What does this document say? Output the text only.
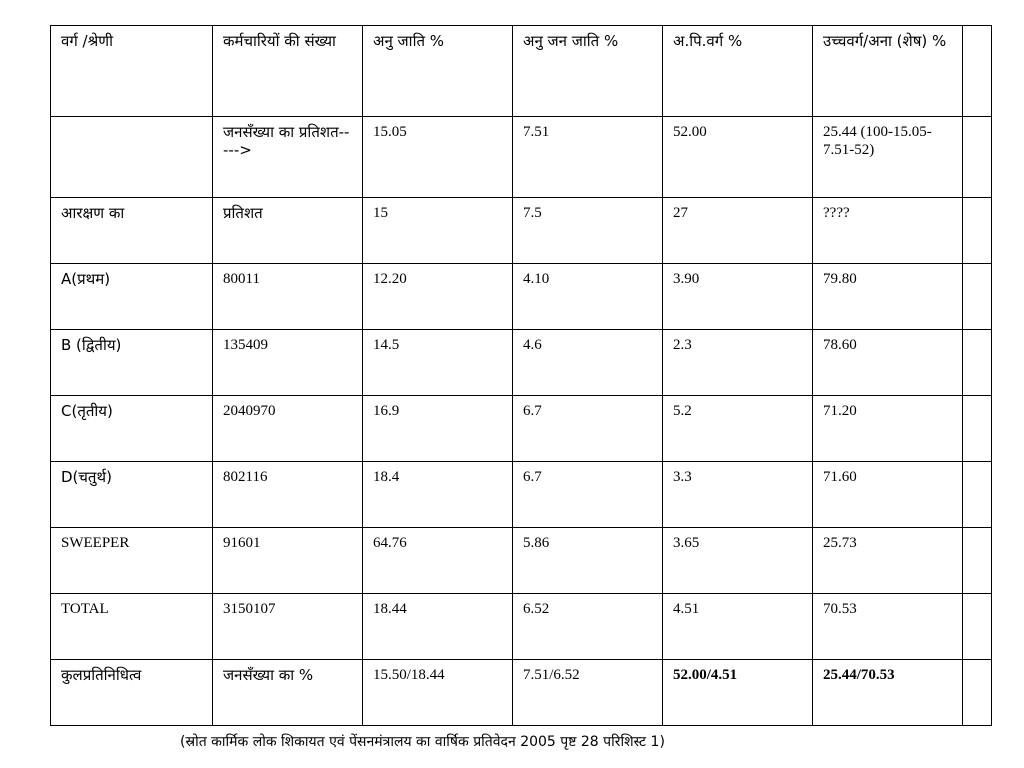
वर्ग /श्रेणी	कर्मचारियों की संख्या	अनु जाति %	अनु जन जाति %	अ.पि.वर्ग %	उच्चवर्ग/अना (शेष) %	
	जनसँख्या का प्रतिशत----->	15.05	7.51	52.00	25.44 (100-15.05-7.51-52)	
आरक्षण का	प्रतिशत	15	7.5	27	????	
A(प्रथम)	80011	12.20	4.10	3.90	79.80	
B (द्वितीय)	135409	14.5	4.6	2.3	78.60	
C(तृतीय)	2040970	16.9	6.7	5.2	71.20	
D(चतुर्थ)	802116	18.4	6.7	3.3	71.60	
SWEEPER	91601	64.76	5.86	3.65	25.73	
TOTAL	3150107	18.44	6.52	4.51	70.53	
कुलप्रतिनिधित्व	जनसँख्या का %	15.50/18.44	7.51/6.52	52.00/4.51	25.44/70.53	
(स्रोत कार्मिक लोक शिकायत एवं पेंसनमंत्रालय का वार्षिक प्रतिवेदन 2005 पृष्ट 28 परिशिस्ट 1)
